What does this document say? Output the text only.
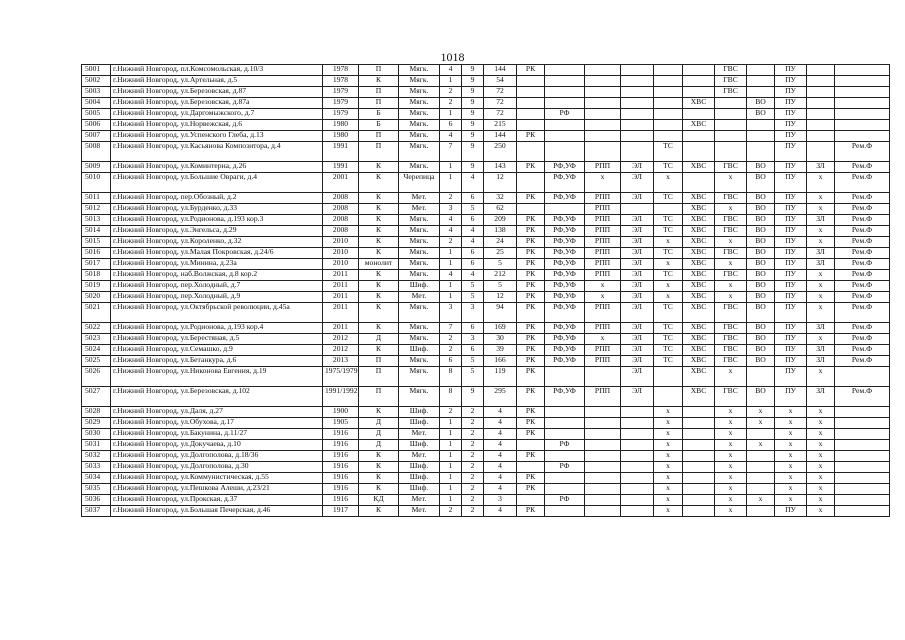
1018
5001	г.Нижний Новгород, пл.Комсомольская, д.10/3	1978	П	Мягк.	4	9	144	РК						ГВС		ПУ		
5002	г.Нижний Новгород, ул.Артельная, д.5	1978	К	Мягк.	1	9	54							ГВС		ПУ		
5003	г.Нижний Новгород, ул.Березовская, д.87	1979	П	Мягк.	2	9	72							ГВС		ПУ		
5004	г.Нижний Новгород, ул.Березовская, д.87а	1979	П	Мягк.	2	9	72						ХВС		ВО	ПУ		
5005	г.Нижний Новгород, ул.Даргомыжского, д.7	1979	Б	Мягк.	1	9	72		РФ						ВО	ПУ		
5006	г.Нижний Новгород, ул.Норвежская, д.6	1980	Б	Мягк.	6	9	215						ХВС			ПУ		
5007	г.Нижний Новгород, ул.Успенского Глеба, д.13	1980	П	Мягк.	4	9	144	РК								ПУ		
5008	г.Нижний Новгород, ул.Касьянова Композитора, д.4	1991	П	Мягк.	7	9	250					ТС				ПУ		Рем.Ф
5009	г.Нижний Новгород, ул.Коминтерна, д.26	1991	К	Мягк.	1	9	143	РК	РФ,УФ	РПП	ЭЛ	ТС	ХВС	ГВС	ВО	ПУ	ЗЛ	Рем.Ф
5010	г.Нижний Новгород, ул.Большие Овраги, д.4	2001	К	Черепица	1	4	12		РФ,УФ	х	ЭЛ	х		х	ВО	ПУ	х	Рем.Ф
5011	г.Нижний Новгород, пер.Обозный, д.2	2008	К	Мет.	2	6	32	РК	РФ,УФ	РПП	ЭЛ	ТС	ХВС	ГВС	ВО	ПУ	х	Рем.Ф
5012	г.Нижний Новгород, ул.Бурденко, д.33	2008	К	Мет.	3	5	62			РПП			ХВС	х	ВО	ПУ	х	Рем.Ф
5013	г.Нижний Новгород, ул.Родионова, д.193 кор.3	2008	К	Мягк.	4	6	209	РК	РФ,УФ	РПП	ЭЛ	ТС	ХВС	ГВС	ВО	ПУ	ЗЛ	Рем.Ф
5014	г.Нижний Новгород, ул.Энгельса, д.29	2008	К	Мягк.	4	4	138	РК	РФ,УФ	РПП	ЭЛ	ТС	ХВС	ГВС	ВО	ПУ	х	Рем.Ф
5015	г.Нижний Новгород, ул.Короленко, д.32	2010	К	Мягк.	2	4	24	РК	РФ,УФ	РПП	ЭЛ	х	ХВС	х	ВО	ПУ	х	Рем.Ф
5016	г.Нижний Новгород, ул.Малая Покровская, д.24/6	2010	К	Мягк.	1	6	25	РК	РФ,УФ	РПП	ЭЛ	ТС	ХВС	ГВС	ВО	ПУ	ЗЛ	Рем.Ф
5017	г.Нижний Новгород, ул.Минина, д.23а	2010	монолит	Мягк.	1	6	5	РК	РФ,УФ	РПП	ЭЛ	х	ХВС	х	ВО	ПУ	ЗЛ	Рем.Ф
5018	г.Нижний Новгород, наб.Волжская, д.8 кор.2	2011	К	Мягк.	4	4	212	РК	РФ,УФ	РПП	ЭЛ	ТС	ХВС	ГВС	ВО	ПУ	х	Рем.Ф
5019	г.Нижний Новгород, пер.Холодный, д.7	2011	К	Шиф.	1	5	5	РК	РФ,УФ	х	ЭЛ	х	ХВС	х	ВО	ПУ	х	Рем.Ф
5020	г.Нижний Новгород, пер.Холодный, д.9	2011	К	Мет.	1	5	12	РК	РФ,УФ	х	ЭЛ	х	ХВС	х	ВО	ПУ	х	Рем.Ф
5021	г.Нижний Новгород, ул.Октябрьской революции, д.45а	2011	К	Мягк.	3	3	94	РК	РФ,УФ	РПП	ЭЛ	ТС	ХВС	ГВС	ВО	ПУ	х	Рем.Ф
5022	г.Нижний Новгород, ул.Родионова, д.193 кор.4	2011	К	Мягк.	7	6	169	РК	РФ,УФ	РПП	ЭЛ	ТС	ХВС	ГВС	ВО	ПУ	ЗЛ	Рем.Ф
5023	г.Нижний Новгород, ул.Берестяная, д.5	2012	Д	Мягк.	2	3	30	РК	РФ,УФ	х	ЭЛ	ТС	ХВС	ГВС	ВО	ПУ	х	Рем.Ф
5024	г.Нижний Новгород, ул.Семашко, д.9	2012	К	Шиф.	2	6	39	РК	РФ,УФ	РПП	ЭЛ	ТС	ХВС	ГВС	ВО	ПУ	ЗЛ	Рем.Ф
5025	г.Нижний Новгород, ул.Бетанкура, д.6	2013	П	Мягк.	6	5	166	РК	РФ,УФ	РПП	ЭЛ	ТС	ХВС	ГВС	ВО	ПУ	ЗЛ	Рем.Ф
5026	г.Нижний Новгород, ул.Никонова Евгения, д.19	1975/1979	П	Мягк.	8	5	119	РК			ЭЛ		ХВС	х		ПУ	х	
5027	г.Нижний Новгород, ул.Березовская, д.102	1991/1992	П	Мягк.	8	9	295	РК	РФ,УФ	РПП	ЭЛ		ХВС	ГВС	ВО	ПУ	ЗЛ	Рем.Ф
5028	г.Нижний Новгород, ул.Даля, д.27	1900	К	Шиф.	2	2	4	РК				х		х	х	х	х	
5029	г.Нижний Новгород, ул.Обухова, д.17	1905	Д	Шиф.	1	2	4	РК				х		х	х	х	х	
5030	г.Нижний Новгород, ул.Бакунина, д.11/27	1916	Д	Мет.	1	2	4	РК				х		х		х	х	
5031	г.Нижний Новгород, ул.Докучаева, д.10	1916	Д	Шиф.	1	2	4		РФ			х		х	х	х	х	
5032	г.Нижний Новгород, ул.Долгополова, д.18/36	1916	К	Мет.	1	2	4	РК				х		х		х	х	
5033	г.Нижний Новгород, ул.Долгополова, д.30	1916	К	Шиф.	1	2	4		РФ			х		х		х	х	
5034	г.Нижний Новгород, ул.Коммунистическая, д.55	1916	К	Шиф.	1	2	4	РК				х		х		х	х	
5035	г.Нижний Новгород, ул.Пешкова Алеши, д.23/21	1916	К	Шиф.	1	2	4	РК				х		х		х	х	
5036	г.Нижний Новгород, ул.Прокская, д.37	1916	КД	Мет.	1	2	3		РФ			х		х	х	х	х	
5037	г.Нижний Новгород, ул.Большая Печерская, д.46	1917	К	Мет.	2	2	4	РК				х		х		ПУ	х	
